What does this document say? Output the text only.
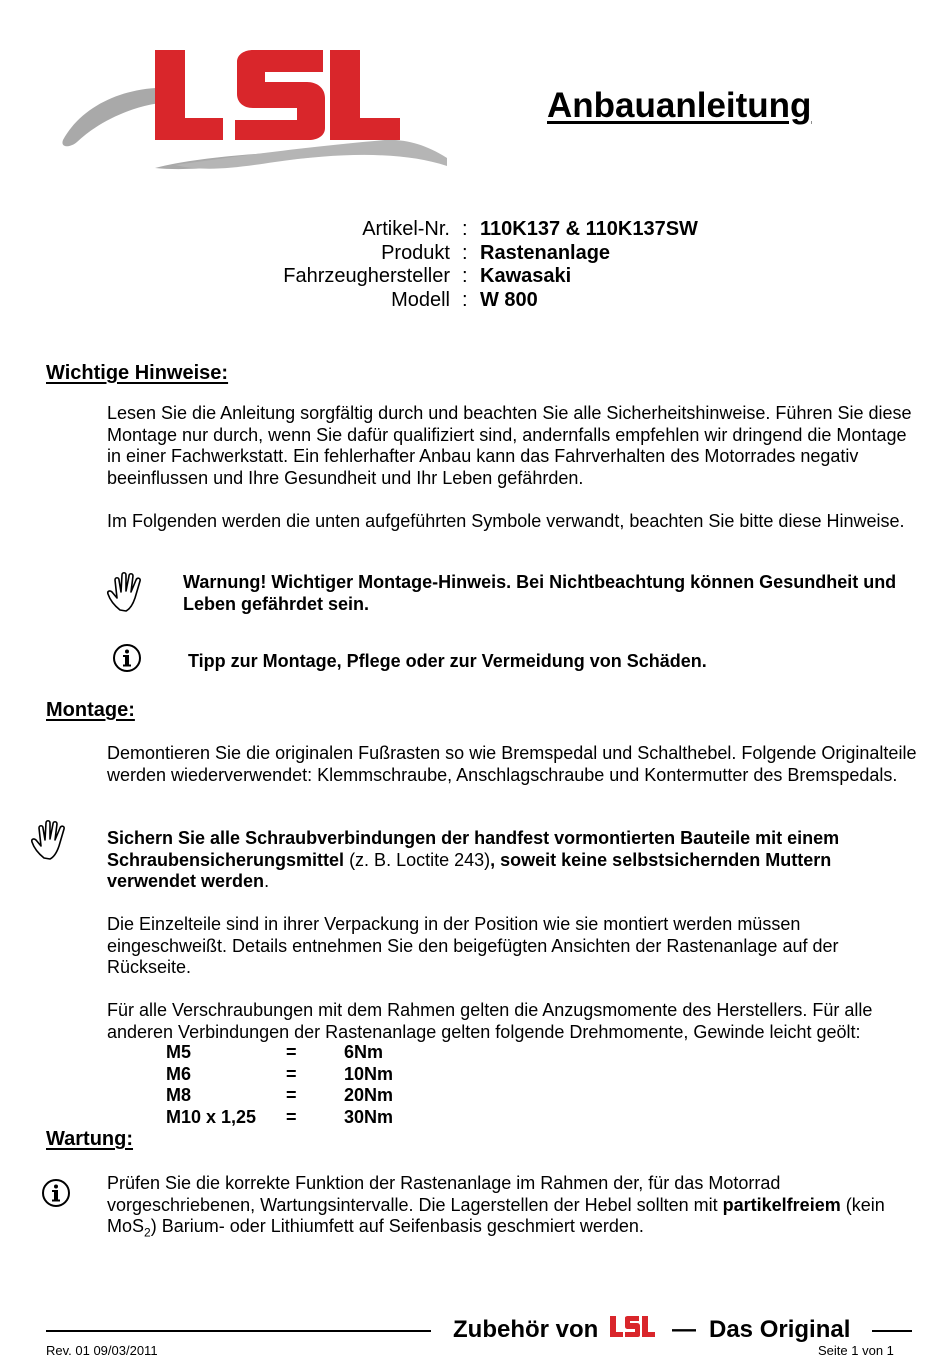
Anbauanleitung
Artikel-Nr. : 110K137 & 110K137SW
Produkt : Rastenanlage
Fahrzeughersteller : Kawasaki
Modell : W 800
Wichtige Hinweise:
Lesen Sie die Anleitung sorgfältig durch und beachten Sie alle Sicherheitshinweise. Führen Sie diese Montage nur durch, wenn Sie dafür qualifiziert sind, andernfalls empfehlen wir dringend die Montage in einer Fachwerkstatt. Ein fehlerhafter Anbau kann das Fahrverhalten des Motorrades negativ beeinflussen und Ihre Gesundheit und Ihr Leben gefährden.
Im Folgenden werden die unten aufgeführten Symbole verwandt, beachten Sie bitte diese Hinweise.
Warnung! Wichtiger Montage-Hinweis. Bei Nichtbeachtung können Gesundheit und Leben gefährdet sein.
Tipp zur Montage, Pflege oder zur Vermeidung von Schäden.
Montage:
Demontieren Sie die originalen Fußrasten so wie Bremspedal und Schalthebel. Folgende Originalteile werden wiederverwendet: Klemmschraube, Anschlagschraube und Kontermutter des Bremspedals.
Sichern Sie alle Schraubverbindungen der handfest vormontierten Bauteile mit einem Schraubensicherungsmittel (z. B. Loctite 243), soweit keine selbstsichernden Muttern verwendet werden.
Die Einzelteile sind in ihrer Verpackung in der Position wie sie montiert werden müssen eingeschweißt. Details entnehmen Sie den beigefügten Ansichten der Rastenanlage auf der Rückseite.
Für alle Verschraubungen mit dem Rahmen gelten die Anzugsmomente des Herstellers. Für alle anderen Verbindungen der Rastenanlage gelten folgende Drehmomente, Gewinde leicht geölt:
M5	=	6Nm
M6	=	10Nm
M8	=	20Nm
M10 x 1,25 =	30Nm
Wartung:
Prüfen Sie die korrekte Funktion der Rastenanlage im Rahmen der, für das Motorrad vorgeschriebenen, Wartungsintervalle. Die Lagerstellen der Hebel sollten mit partikelfreiem (kein MoS$_2$) Barium- oder Lithiumfett auf Seifenbasis geschmiert werden.
Zubehör von	— Das Original
Rev. 01 09/03/2011	Seite 1 von 1
